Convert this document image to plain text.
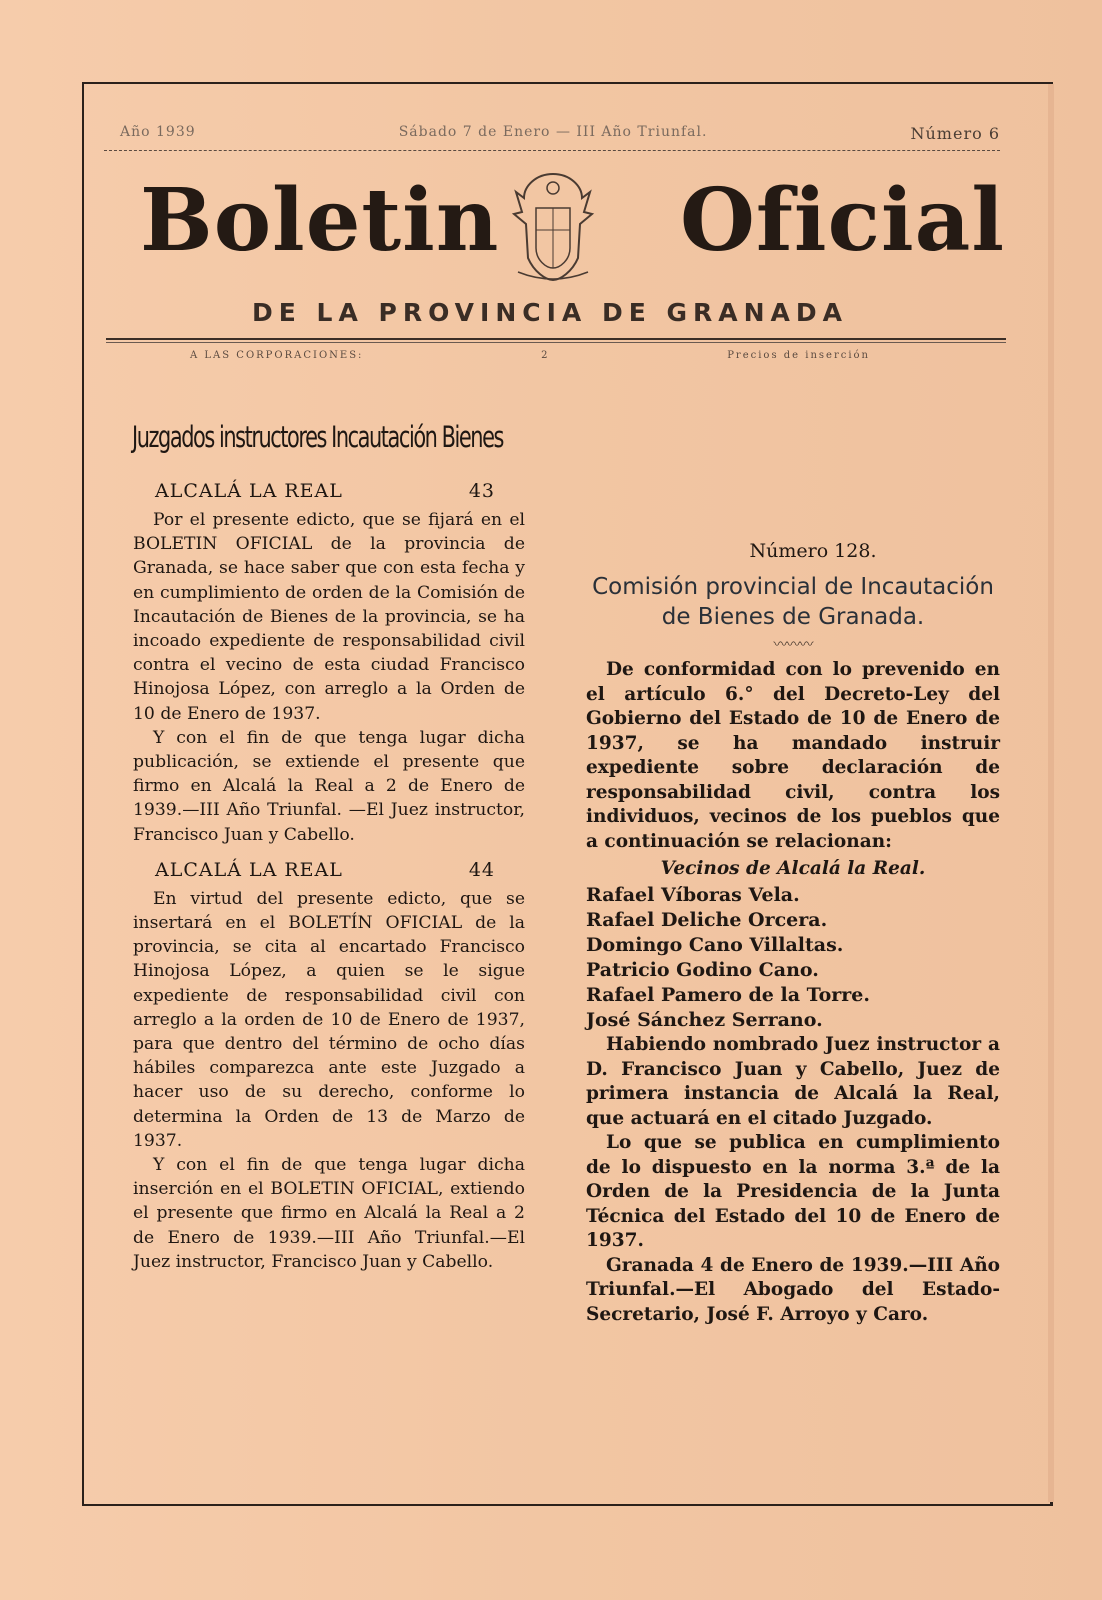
Año 1939	Sábado 7 de Enero — III Año Triunfal.	Número 6
Boletin Oficial
DE LA PROVINCIA DE GRANADA
A LAS CORPORACIONES:	2	Precios de inserción
Juzgados instructores Incautación Bienes
ALCALÁ LA REAL	43

Por el presente edicto, que se fijará en el BOLETIN OFICIAL de la provincia de Granada, se hace saber que con esta fecha y en cumplimiento de orden de la Comisión de Incautación de Bienes de la provincia, se ha incoado expediente de responsabilidad civil contra el vecino de esta ciudad Francisco Hinojosa López, con arreglo a la Orden de 10 de Enero de 1937.

Y con el fin de que tenga lugar dicha publicación, se extiende el presente que firmo en Alcalá la Real a 2 de Enero de 1939.—III Año Triunfal. —El Juez instructor, Francisco Juan y Cabello.

ALCALÁ LA REAL	44

En virtud del presente edicto, que se insertará en el BOLETÍN OFICIAL de la provincia, se cita al encartado Francisco Hinojosa López, a quien se le sigue expediente de responsabilidad civil con arreglo a la orden de 10 de Enero de 1937, para que dentro del término de ocho días hábiles comparezca ante este Juzgado a hacer uso de su derecho, conforme lo determina la Orden de 13 de Marzo de 1937.

Y con el fin de que tenga lugar dicha inserción en el BOLETIN OFICIAL, extiendo el presente que firmo en Alcalá la Real a 2 de Enero de 1939.—III Año Triunfal.—El Juez instructor, Francisco Juan y Cabello.

Número 128.
Comisión provincial de Incautación de Bienes de Granada.
〰〰〰

De conformidad con lo prevenido en el artículo 6.° del Decreto-Ley del Gobierno del Estado de 10 de Enero de 1937, se ha mandado instruir expediente sobre declaración de responsabilidad civil, contra los individuos, vecinos de los pueblos que a continuación se relacionan:

Vecinos de Alcalá la Real.
Rafael Víboras Vela.
Rafael Deliche Orcera.
Domingo Cano Villaltas.
Patricio Godino Cano.
Rafael Pamero de la Torre.
José Sánchez Serrano.

Habiendo nombrado Juez instructor a D. Francisco Juan y Cabello, Juez de primera instancia de Alcalá la Real, que actuará en el citado Juzgado.

Lo que se publica en cumplimiento de lo dispuesto en la norma 3.ª de la Orden de la Presidencia de la Junta Técnica del Estado del 10 de Enero de 1937.

Granada 4 de Enero de 1939.—III Año Triunfal.—El Abogado del Estado-Secretario, José F. Arroyo y Caro.
